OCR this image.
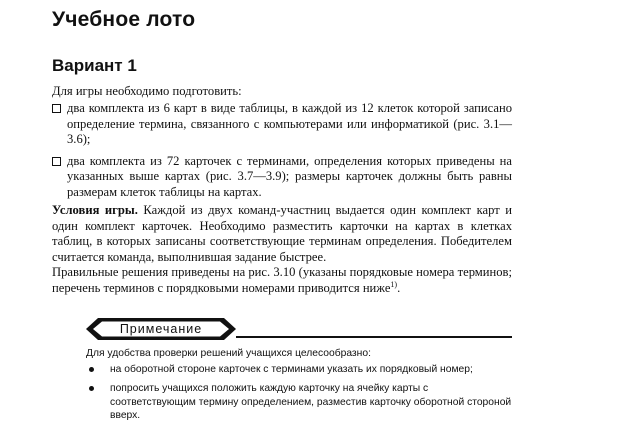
Учебное лото
Вариант 1
Для игры необходимо подготовить:
два комплекта из 6 карт в виде таблицы, в каждой из 12 клеток которой записано определение термина, связанного с компьютерами или информатикой (рис. 3.1—3.6);
два комплекта из 72 карточек с терминами, определения которых приведены на указанных выше картах (рис. 3.7—3.9); размеры карточек должны быть равны размерам клеток таблицы на картах.
Условия игры. Каждой из двух команд-участниц выдается один комплект карт и один комплект карточек. Необходимо разместить карточки на картах в клетках таблиц, в которых записаны соответствующие терминам определения. Победителем считается команда, выполнившая задание быстрее.
Правильные решения приведены на рис. 3.10 (указаны порядковые номера терминов; перечень терминов с порядковыми номерами приводится ниже$^{1)}$.
Примечание
Для удобства проверки решений учащихся целесообразно:
на оборотной стороне карточек с терминами указать их порядковый номер;
попросить учащихся положить каждую карточку на ячейку карты с соответствующим термину определением, разместив карточку оборотной стороной вверх.
